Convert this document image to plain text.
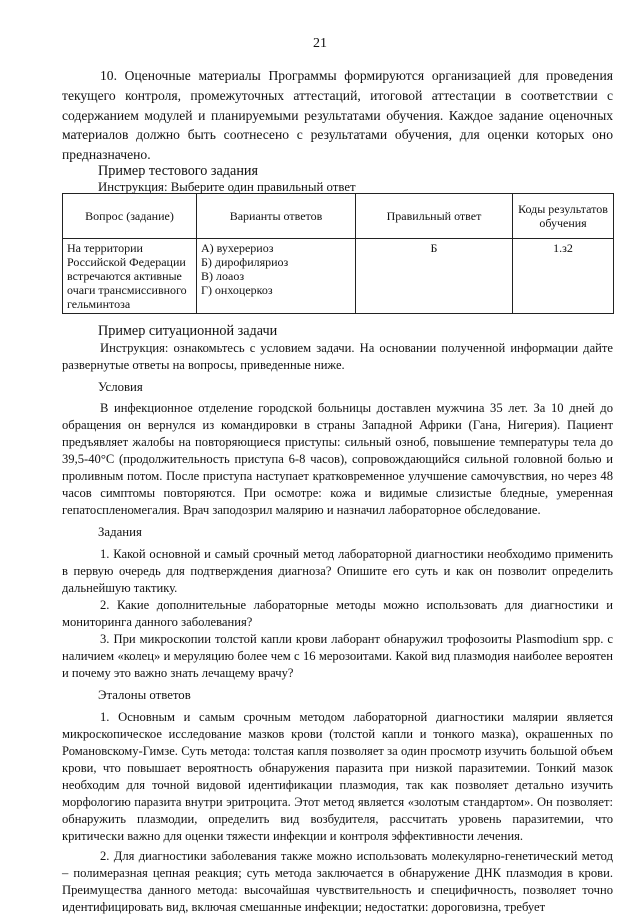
21

10. Оценочные материалы Программы формируются организацией для проведения текущего контроля, промежуточных аттестаций, итоговой аттестации в соответствии с содержанием модулей и планируемыми результатами обучения. Каждое задание оценочных материалов должно быть соотнесено с результатами обучения, для оценки которых оно предназначено.

Пример тестового задания

Инструкция: Выберите один правильный ответ

Вопрос (задание)	Варианты ответов	Правильный ответ	Коды результатов обучения
На территории Российской Федерации встречаются активные очаги трансмиссивного гельминтоза	А) вухерериоз
Б) дирофиляриоз
В) лоаоз
Г) онхоцеркоз	Б	1.з2

Пример ситуационной задачи

Инструкция: ознакомьтесь с условием задачи. На основании полученной информации дайте развернутые ответы на вопросы, приведенные ниже.

Условия

В инфекционное отделение городской больницы доставлен мужчина 35 лет. За 10 дней до обращения он вернулся из командировки в страны Западной Африки (Гана, Нигерия). Пациент предъявляет жалобы на повторяющиеся приступы: сильный озноб, повышение температуры тела до 39,5-40°C (продолжительность приступа 6-8 часов), сопровождающийся сильной головной болью и проливным потом. После приступа наступает кратковременное улучшение самочувствия, но через 48 часов симптомы повторяются. При осмотре: кожа и видимые слизистые бледные, умеренная гепатоспленомегалия. Врач заподозрил малярию и назначил лабораторное обследование.

Задания

1. Какой основной и самый срочный метод лабораторной диагностики необходимо применить в первую очередь для подтверждения диагноза? Опишите его суть и как он позволит определить дальнейшую тактику.

2. Какие дополнительные лабораторные методы можно использовать для диагностики и мониторинга данного заболевания?

3. При микроскопии толстой капли крови лаборант обнаружил трофозоиты Plasmodium spp. с наличием «колец» и меруляцию более чем с 16 мерозоитами. Какой вид плазмодия наиболее вероятен и почему это важно знать лечащему врачу?

Эталоны ответов

1. Основным и самым срочным методом лабораторной диагностики малярии является микроскопическое исследование мазков крови (толстой капли и тонкого мазка), окрашенных по Романовскому-Гимзе. Суть метода: толстая капля позволяет за один просмотр изучить большой объем крови, что повышает вероятность обнаружения паразита при низкой паразитемии. Тонкий мазок необходим для точной видовой идентификации плазмодия, так как позволяет детально изучить морфологию паразита внутри эритроцита. Этот метод является «золотым стандартом». Он позволяет: обнаружить плазмодии, определить вид возбудителя, рассчитать уровень паразитемии, что критически важно для оценки тяжести инфекции и контроля эффективности лечения.

2. Для диагностики заболевания также можно использовать молекулярно-генетический метод – полимеразная цепная реакция; суть метода заключается в обнаружение ДНК плазмодия в крови. Преимущества данного метода: высочайшая чувствительность и специфичность, позволяет точно идентифицировать вид, включая смешанные инфекции; недостатки: дороговизна, требует
